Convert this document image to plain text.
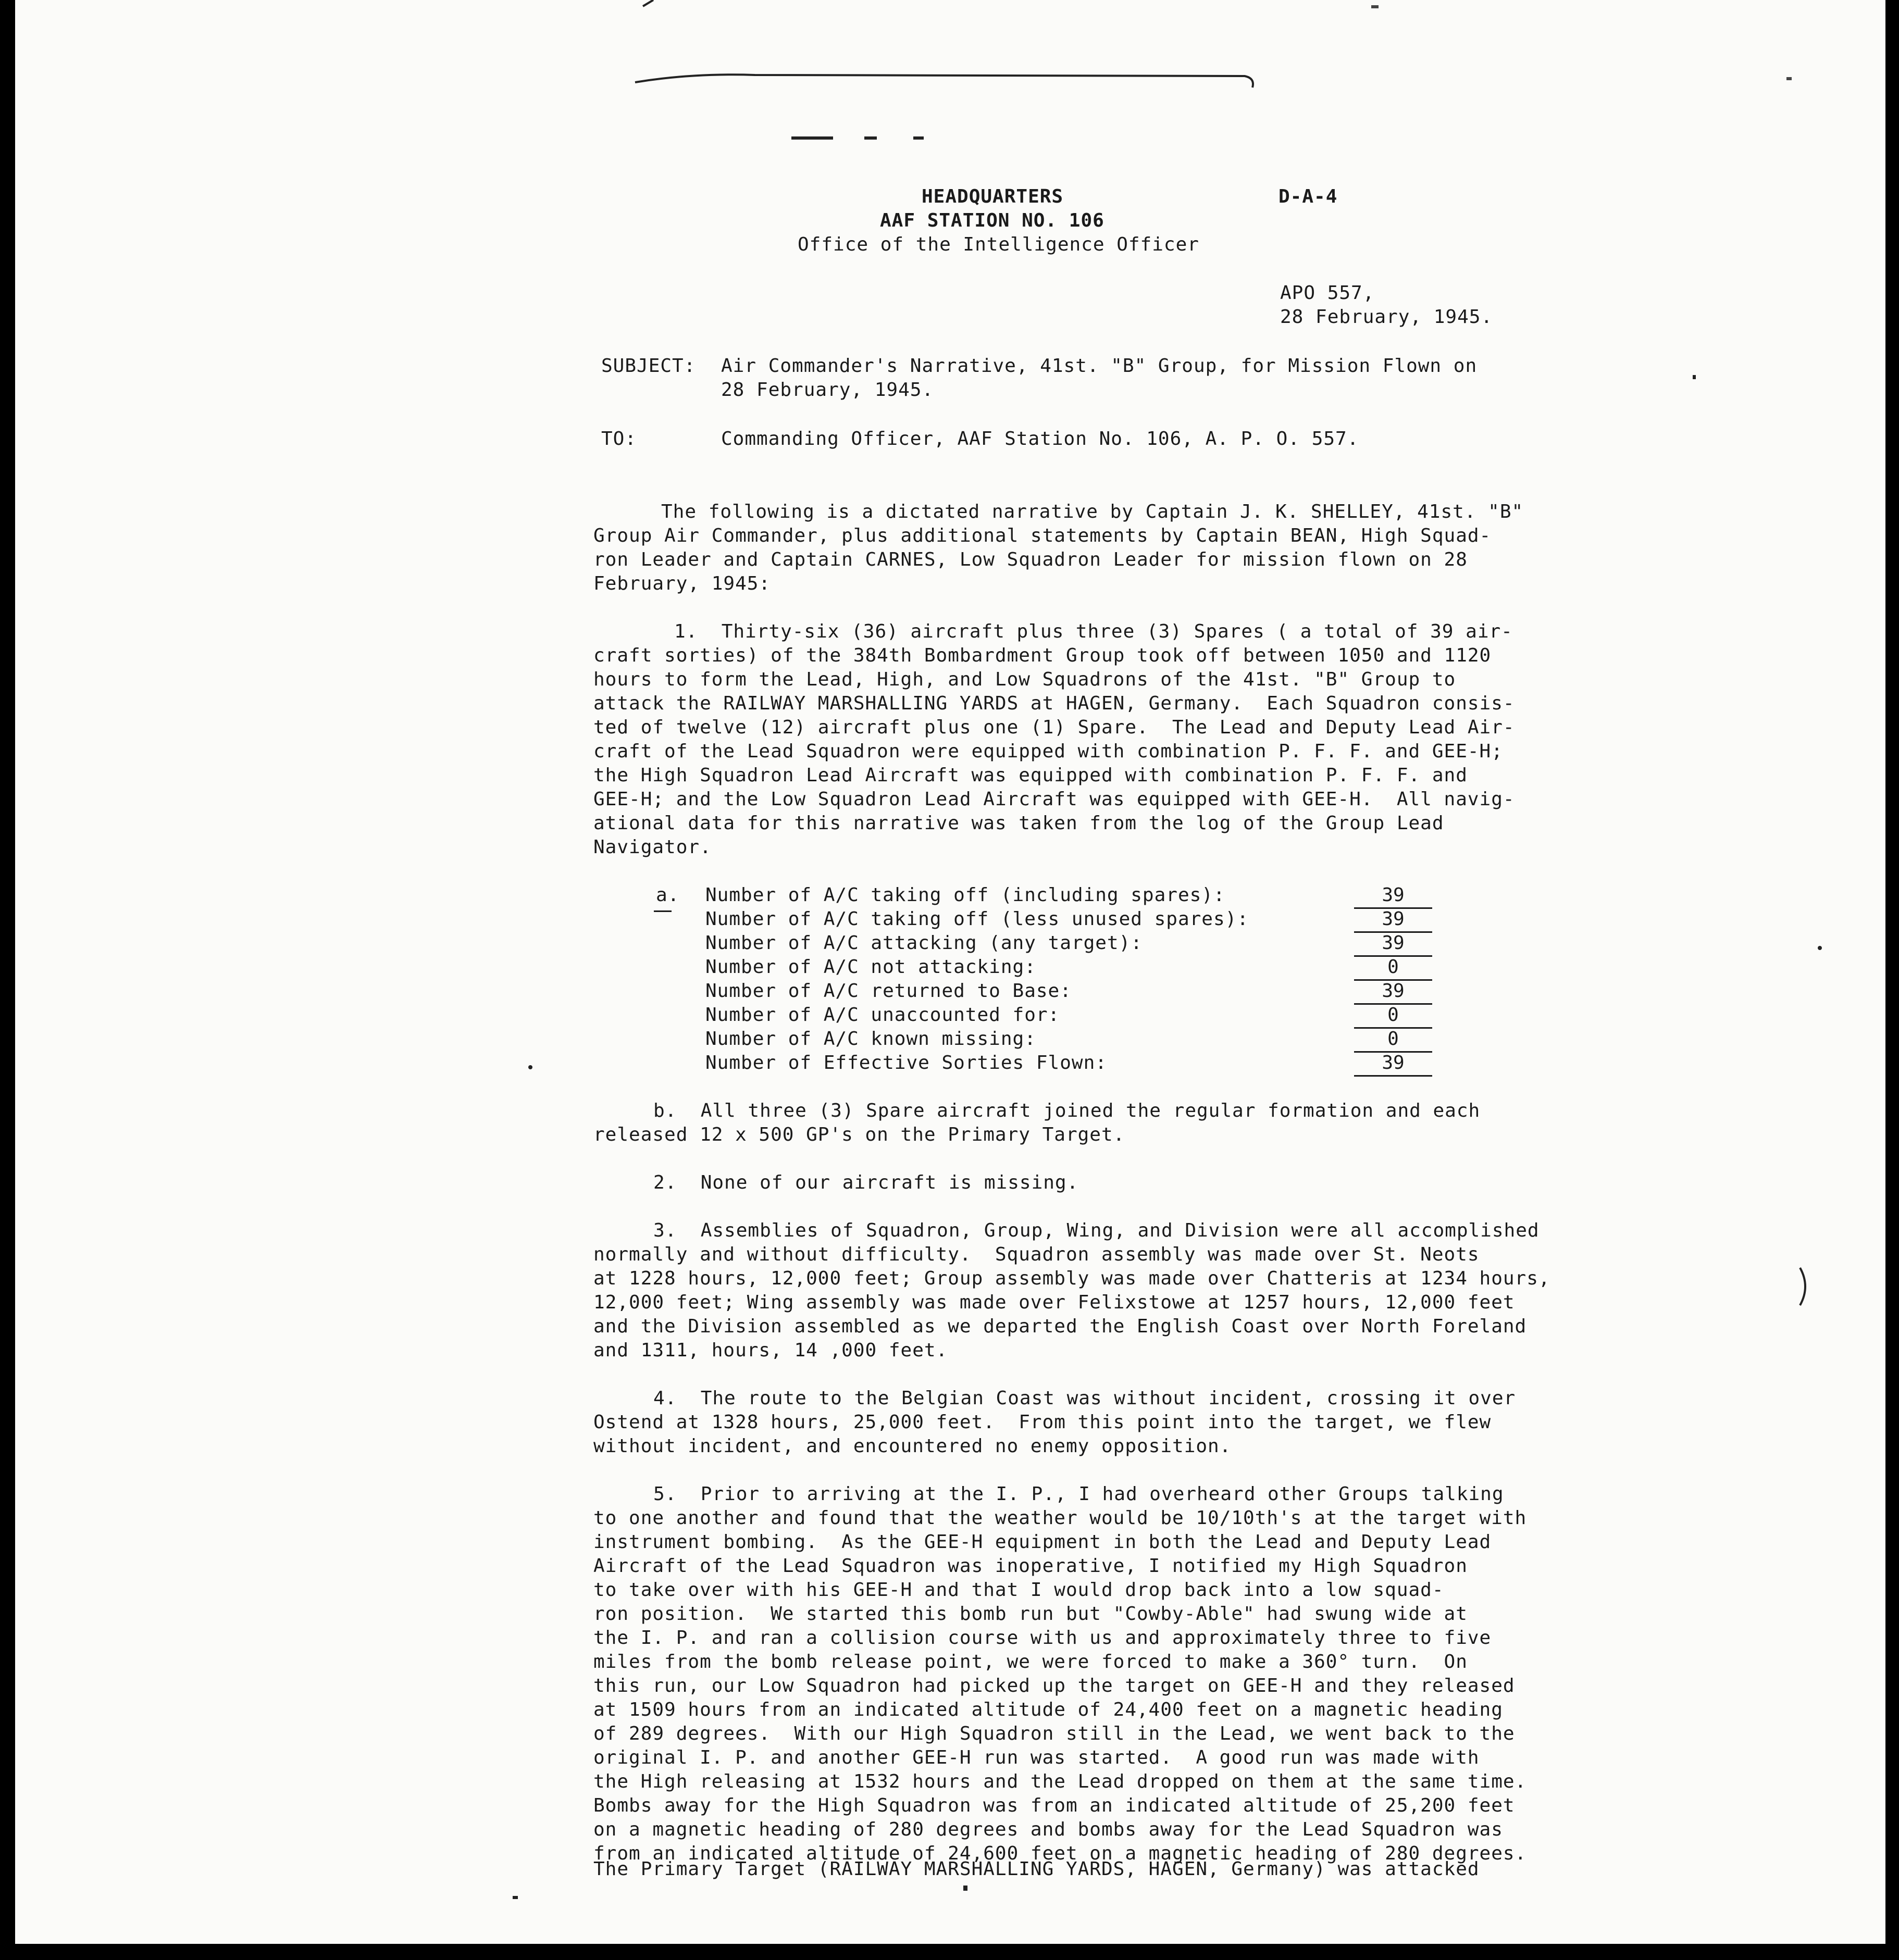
HEADQUARTERS
AAF STATION NO. 106
Office of the Intelligence Officer
D-A-4
APO 557,
28 February, 1945.
SUBJECT: Air Commander's Narrative, 41st. "B" Group, for Mission Flown on
28 February, 1945.
TO:	Commanding Officer, AAF Station No. 106, A. P. O. 557.
The following is a dictated narrative by Captain J. K. SHELLEY, 41st. "B"
Group Air Commander, plus additional statements by Captain BEAN, High Squad-
ron Leader and Captain CARNES, Low Squadron Leader for mission flown on 28
February, 1945:
1.  Thirty-six (36) aircraft plus three (3) Spares ( a total of 39 air-
craft sorties) of the 384th Bombardment Group took off between 1050 and 1120
hours to form the Lead, High, and Low Squadrons of the 41st. "B" Group to
attack the RAILWAY MARSHALLING YARDS at HAGEN, Germany.  Each Squadron consis-
ted of twelve (12) aircraft plus one (1) Spare.  The Lead and Deputy Lead Air-
craft of the Lead Squadron were equipped with combination P. F. F. and GEE-H;
the High Squadron Lead Aircraft was equipped with combination P. F. F. and
GEE-H; and the Low Squadron Lead Aircraft was equipped with GEE-H.  All navig-
ational data for this narrative was taken from the log of the Group Lead
Navigator.
a. Number of A/C taking off (including spares):	39
Number of A/C taking off (less unused spares):	39
Number of A/C attacking (any target):	39
Number of A/C not attacking:	0
Number of A/C returned to Base:	39
Number of A/C unaccounted for:	0
Number of A/C known missing:	0
Number of Effective Sorties Flown:	39
b.  All three (3) Spare aircraft joined the regular formation and each
released 12 x 500 GP's on the Primary Target.
2.  None of our aircraft is missing.
3.  Assemblies of Squadron, Group, Wing, and Division were all accomplished
normally and without difficulty.  Squadron assembly was made over St. Neots
at 1228 hours, 12,000 feet; Group assembly was made over Chatteris at 1234 hours,
12,000 feet; Wing assembly was made over Felixstowe at 1257 hours, 12,000 feet
and the Division assembled as we departed the English Coast over North Foreland
and 1311, hours, 14 ,000 feet.
4.  The route to the Belgian Coast was without incident, crossing it over
Ostend at 1328 hours, 25,000 feet.  From this point into the target, we flew
without incident, and encountered no enemy opposition.
5.  Prior to arriving at the I. P., I had overheard other Groups talking
to one another and found that the weather would be 10/10th's at the target with
instrument bombing.  As the GEE-H equipment in both the Lead and Deputy Lead
Aircraft of the Lead Squadron was inoperative, I notified my High Squadron
to take over with his GEE-H and that I would drop back into a low squad-
ron position.  We started this bomb run but "Cowby-Able" had swung wide at
the I. P. and ran a collision course with us and approximately three to five
miles from the bomb release point, we were forced to make a 360° turn.  On
this run, our Low Squadron had picked up the target on GEE-H and they released
at 1509 hours from an indicated altitude of 24,400 feet on a magnetic heading
of 289 degrees.  With our High Squadron still in the Lead, we went back to the
original I. P. and another GEE-H run was started.  A good run was made with
the High releasing at 1532 hours and the Lead dropped on them at the same time.
Bombs away for the High Squadron was from an indicated altitude of 25,200 feet
on a magnetic heading of 280 degrees and bombs away for the Lead Squadron was
from an indicated altitude of 24,600 feet on a magnetic heading of 280 degrees.
The Primary Target (RAILWAY MARSHALLING YARDS, HAGEN, Germany) was attacked
